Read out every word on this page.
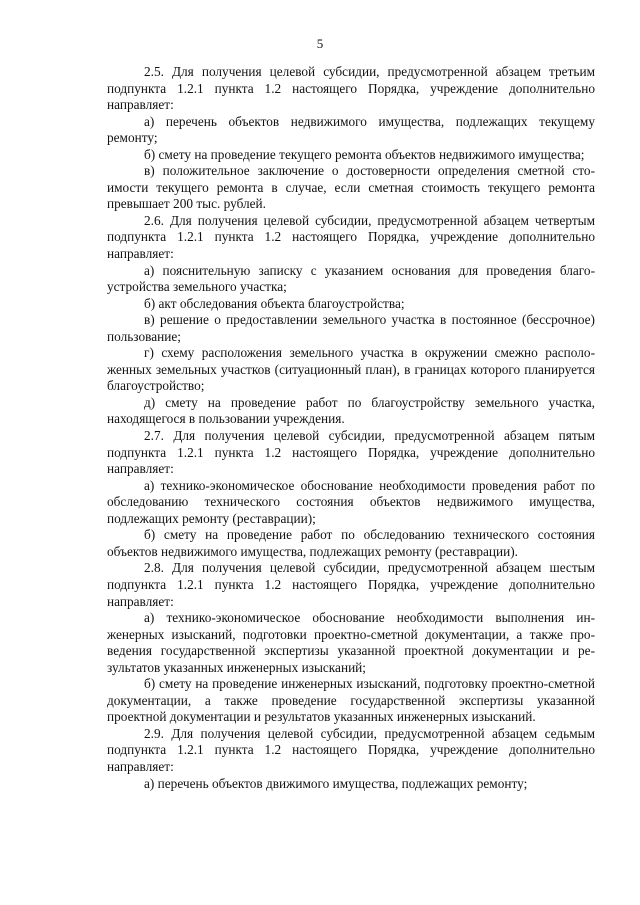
5

2.5. Для получения целевой субсидии, предусмотренной абзацем третьим подпункта 1.2.1 пункта 1.2 настоящего Порядка, учреждение дополнительно направляет:

а) перечень объектов недвижимого имущества, подлежащих текущему ремонту;

б) смету на проведение текущего ремонта объектов недвижимого имущества;

в) положительное заключение о достоверности определения сметной стоимости текущего ремонта в случае, если сметная стоимость текущего ремонта превышает 200 тыс. рублей.

2.6. Для получения целевой субсидии, предусмотренной абзацем четвертым подпункта 1.2.1 пункта 1.2 настоящего Порядка, учреждение дополнительно направляет:

а) пояснительную записку с указанием основания для проведения благоустройства земельного участка;

б) акт обследования объекта благоустройства;

в) решение о предоставлении земельного участка в постоянное (бессрочное) пользование;

г) схему расположения земельного участка в окружении смежно расположенных земельных участков (ситуационный план), в границах которого планируется благоустройство;

д) смету на проведение работ по благоустройству земельного участка, находящегося в пользовании учреждения.

2.7. Для получения целевой субсидии, предусмотренной абзацем пятым подпункта 1.2.1 пункта 1.2 настоящего Порядка, учреждение дополнительно направляет:

а) технико-экономическое обоснование необходимости проведения работ по обследованию технического состояния объектов недвижимого имущества, подлежащих ремонту (реставрации);

б) смету на проведение работ по обследованию технического состояния объектов недвижимого имущества, подлежащих ремонту (реставрации).

2.8. Для получения целевой субсидии, предусмотренной абзацем шестым подпункта 1.2.1 пункта 1.2 настоящего Порядка, учреждение дополнительно направляет:

а) технико-экономическое обоснование необходимости выполнения инженерных изысканий, подготовки проектно-сметной документации, а также проведения государственной экспертизы указанной проектной документации и результатов указанных инженерных изысканий;

б) смету на проведение инженерных изысканий, подготовку проектно-сметной документации, а также проведение государственной экспертизы указанной проектной документации и результатов указанных инженерных изысканий.

2.9. Для получения целевой субсидии, предусмотренной абзацем седьмым подпункта 1.2.1 пункта 1.2 настоящего Порядка, учреждение дополнительно направляет:

а) перечень объектов движимого имущества, подлежащих ремонту;
